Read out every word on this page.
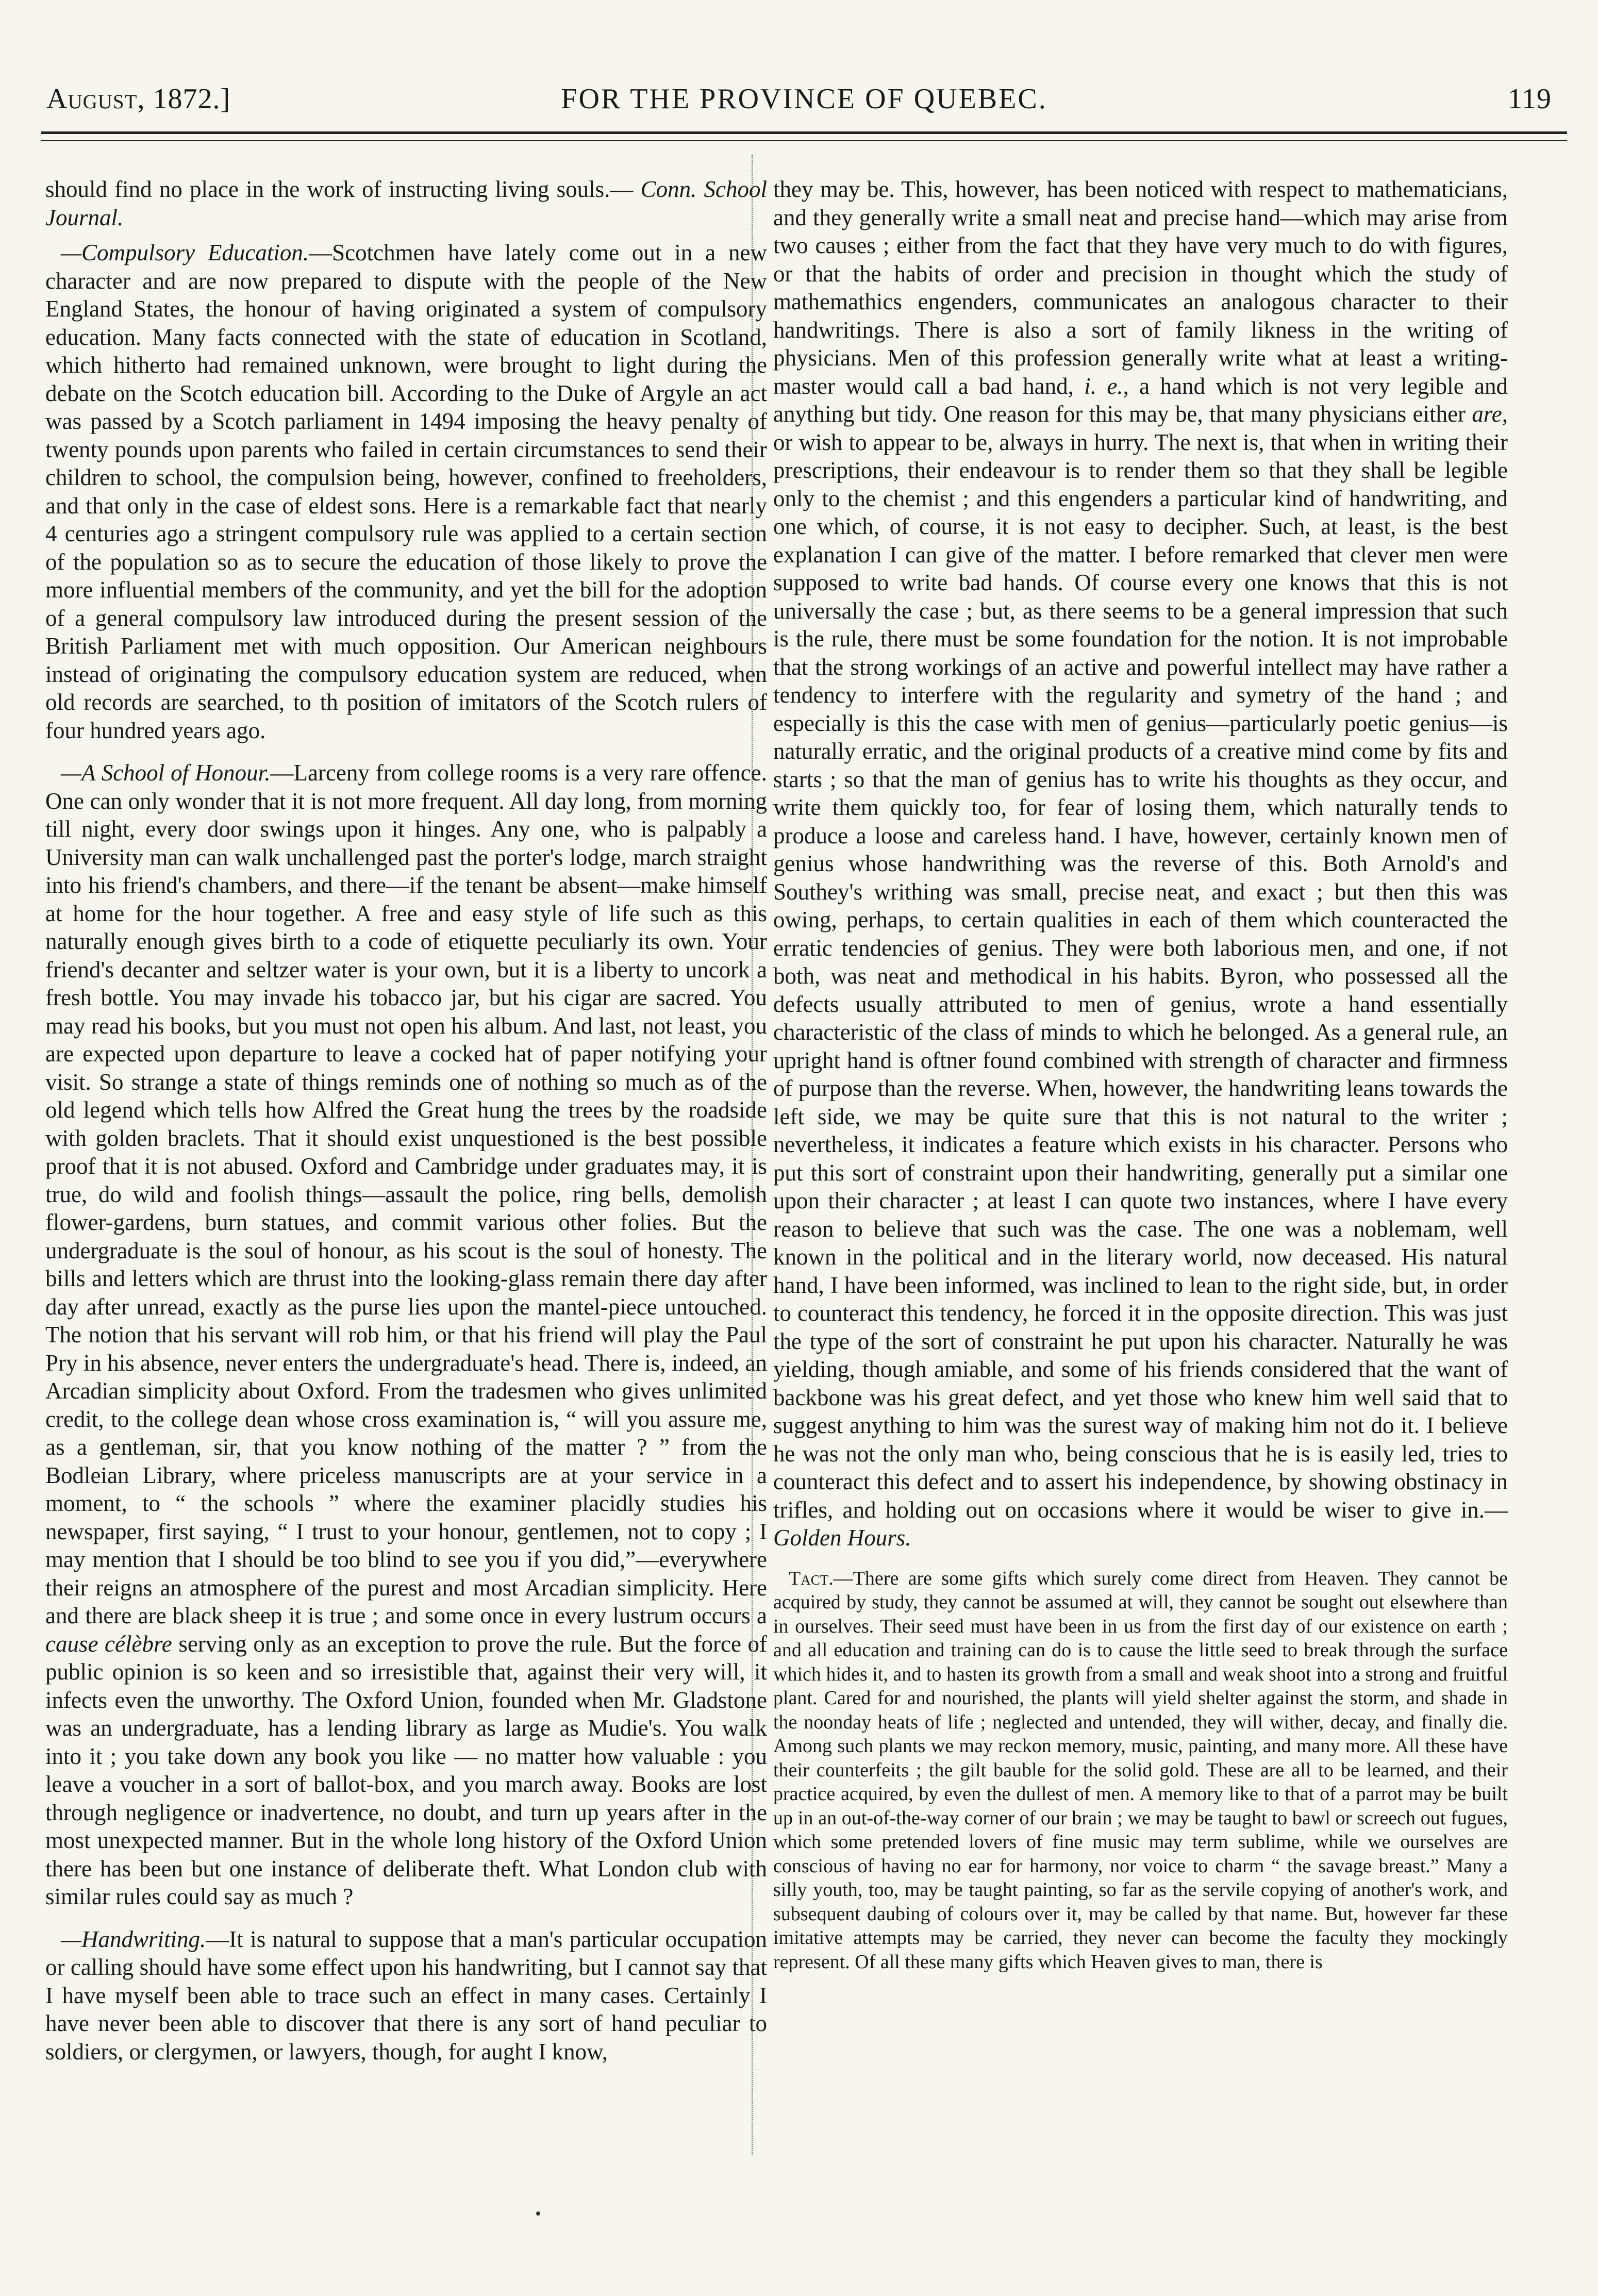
August, 1872.]	FOR THE PROVINCE OF QUEBEC.	119

should find no place in the work of instructing living souls.— Conn. School Journal.

—Compulsory Education.—Scotchmen have lately come out in a new character and are now prepared to dispute with the people of the New England States, the honour of having originated a system of compulsory education. Many facts connected with the state of education in Scotland, which hitherto had remained unknown, were brought to light during the debate on the Scotch education bill. According to the Duke of Argyle an act was passed by a Scotch parliament in 1494 imposing the heavy penalty of twenty pounds upon parents who failed in certain circumstances to send their children to school, the compulsion being, however, confined to freeholders, and that only in the case of eldest sons. Here is a remarkable fact that nearly 4 centuries ago a stringent compulsory rule was applied to a certain section of the population so as to secure the education of those likely to prove the more influential members of the community, and yet the bill for the adoption of a general compulsory law introduced during the present session of the British Parliament met with much opposition. Our American neighbours instead of originating the compulsory education system are reduced, when old records are searched, to th position of imitators of the Scotch rulers of four hundred years ago.

—A School of Honour.—Larceny from college rooms is a very rare offence. One can only wonder that it is not more frequent. All day long, from morning till night, every door swings upon it hinges. Any one, who is palpably a University man can walk unchallenged past the porter's lodge, march straight into his friend's chambers, and there—if the tenant be absent—make himself at home for the hour together. A free and easy style of life such as this naturally enough gives birth to a code of etiquette peculiarly its own. Your friend's decanter and seltzer water is your own, but it is a liberty to uncork a fresh bottle. You may invade his tobacco jar, but his cigar are sacred. You may read his books, but you must not open his album. And last, not least, you are expected upon departure to leave a cocked hat of paper notifying your visit. So strange a state of things reminds one of nothing so much as of the old legend which tells how Alfred the Great hung the trees by the roadside with golden braclets. That it should exist unquestioned is the best possible proof that it is not abused. Oxford and Cambridge under graduates may, it is true, do wild and foolish things—assault the police, ring bells, demolish flower-gardens, burn statues, and commit various other folies. But the undergraduate is the soul of honour, as his scout is the soul of honesty. The bills and letters which are thrust into the looking-glass remain there day after day after unread, exactly as the purse lies upon the mantel-piece untouched. The notion that his servant will rob him, or that his friend will play the Paul Pry in his absence, never enters the undergraduate's head. There is, indeed, an Arcadian simplicity about Oxford. From the tradesmen who gives unlimited credit, to the college dean whose cross examination is, “ will you assure me, as a gentleman, sir, that you know nothing of the matter ? ” from the Bodleian Library, where priceless manuscripts are at your service in a moment, to “ the schools ” where the examiner placidly studies his newspaper, first saying, “ I trust to your honour, gentlemen, not to copy ; I may mention that I should be too blind to see you if you did,”—everywhere their reigns an atmosphere of the purest and most Arcadian simplicity. Here and there are black sheep it is true ; and some once in every lustrum occurs a cause célèbre serving only as an exception to prove the rule. But the force of public opinion is so keen and so irresistible that, against their very will, it infects even the unworthy. The Oxford Union, founded when Mr. Gladstone was an undergraduate, has a lending library as large as Mudie's. You walk into it ; you take down any book you like — no matter how valuable : you leave a voucher in a sort of ballot-box, and you march away. Books are lost through negligence or inadvertence, no doubt, and turn up years after in the most unexpected manner. But in the whole long history of the Oxford Union there has been but one instance of deliberate theft. What London club with similar rules could say as much ?

—Handwriting.—It is natural to suppose that a man's particular occupation or calling should have some effect upon his handwriting, but I cannot say that I have myself been able to trace such an effect in many cases. Certainly I have never been able to discover that there is any sort of hand peculiar to soldiers, or clergymen, or lawyers, though, for aught I know,

they may be. This, however, has been noticed with respect to mathematicians, and they generally write a small neat and precise hand—which may arise from two causes ; either from the fact that they have very much to do with figures, or that the habits of order and precision in thought which the study of mathemathics engenders, communicates an analogous character to their handwritings. There is also a sort of family likness in the writing of physicians. Men of this profession generally write what at least a writing-master would call a bad hand, i. e., a hand which is not very legible and anything but tidy. One reason for this may be, that many physicians either are, or wish to appear to be, always in hurry. The next is, that when in writing their prescriptions, their endeavour is to render them so that they shall be legible only to the chemist ; and this engenders a particular kind of handwriting, and one which, of course, it is not easy to decipher. Such, at least, is the best explanation I can give of the matter. I before remarked that clever men were supposed to write bad hands. Of course every one knows that this is not universally the case ; but, as there seems to be a general impression that such is the rule, there must be some foundation for the notion. It is not improbable that the strong workings of an active and powerful intellect may have rather a tendency to interfere with the regularity and symetry of the hand ; and especially is this the case with men of genius—particularly poetic genius—is naturally erratic, and the original products of a creative mind come by fits and starts ; so that the man of genius has to write his thoughts as they occur, and write them quickly too, for fear of losing them, which naturally tends to produce a loose and careless hand. I have, however, certainly known men of genius whose handwrithing was the reverse of this. Both Arnold's and Southey's writhing was small, precise neat, and exact ; but then this was owing, perhaps, to certain qualities in each of them which counteracted the erratic tendencies of genius. They were both laborious men, and one, if not both, was neat and methodical in his habits. Byron, who possessed all the defects usually attributed to men of genius, wrote a hand essentially characteristic of the class of minds to which he belonged. As a general rule, an upright hand is oftner found combined with strength of character and firmness of purpose than the reverse. When, however, the handwriting leans towards the left side, we may be quite sure that this is not natural to the writer ; nevertheless, it indicates a feature which exists in his character. Persons who put this sort of constraint upon their handwriting, generally put a similar one upon their character ; at least I can quote two instances, where I have every reason to believe that such was the case. The one was a noblemam, well known in the political and in the literary world, now deceased. His natural hand, I have been informed, was inclined to lean to the right side, but, in order to counteract this tendency, he forced it in the opposite direction. This was just the type of the sort of constraint he put upon his character. Naturally he was yielding, though amiable, and some of his friends considered that the want of backbone was his great defect, and yet those who knew him well said that to suggest anything to him was the surest way of making him not do it. I believe he was not the only man who, being conscious that he is is easily led, tries to counteract this defect and to assert his independence, by showing obstinacy in trifles, and holding out on occasions where it would be wiser to give in.—Golden Hours.

Tact.—There are some gifts which surely come direct from Heaven. They cannot be acquired by study, they cannot be assumed at will, they cannot be sought out elsewhere than in ourselves. Their seed must have been in us from the first day of our existence on earth ; and all education and training can do is to cause the little seed to break through the surface which hides it, and to hasten its growth from a small and weak shoot into a strong and fruitful plant. Cared for and nourished, the plants will yield shelter against the storm, and shade in the noonday heats of life ; neglected and untended, they will wither, decay, and finally die. Among such plants we may reckon memory, music, painting, and many more. All these have their counterfeits ; the gilt bauble for the solid gold. These are all to be learned, and their practice acquired, by even the dullest of men. A memory like to that of a parrot may be built up in an out-of-the-way corner of our brain ; we may be taught to bawl or screech out fugues, which some pretended lovers of fine music may term sublime, while we ourselves are conscious of having no ear for harmony, nor voice to charm “ the savage breast.” Many a silly youth, too, may be taught painting, so far as the servile copying of another's work, and subsequent daubing of colours over it, may be called by that name. But, however far these imitative attempts may be carried, they never can become the faculty they mockingly represent. Of all these many gifts which Heaven gives to man, there is
